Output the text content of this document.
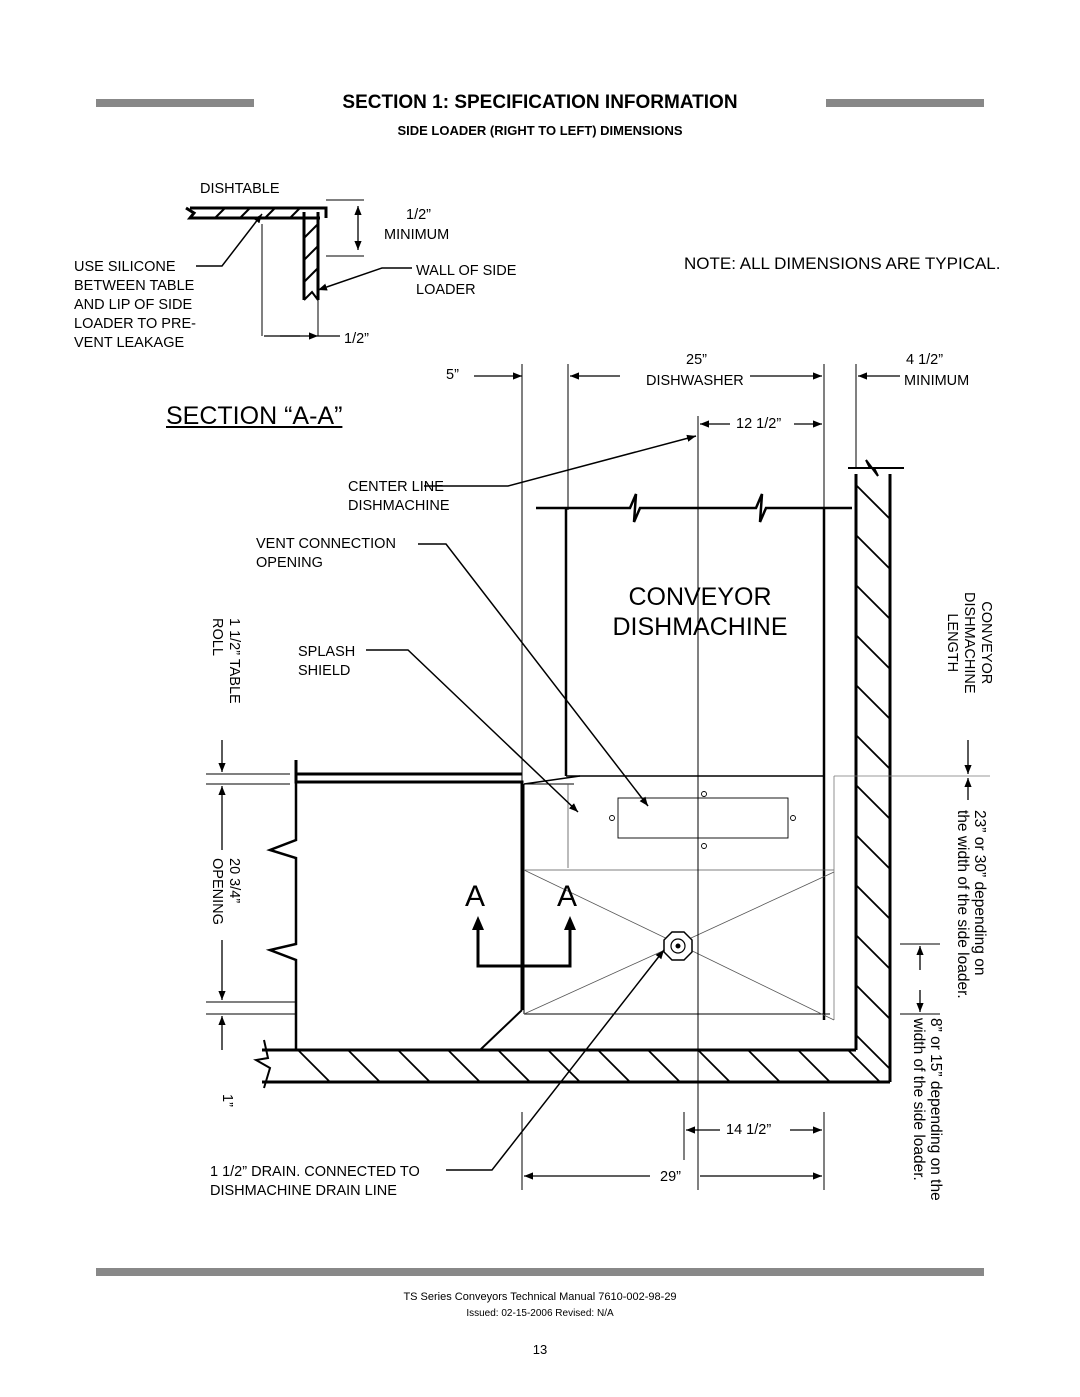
SECTION 1: SPECIFICATION INFORMATION
SIDE LOADER (RIGHT TO LEFT) DIMENSIONS
DISHTABLE
1/2”
MINIMUM
USE SILICONE
BETWEEN TABLE
AND LIP OF SIDE
LOADER TO PRE-
VENT LEAKAGE
WALL OF SIDE
LOADER
1/2”
NOTE: ALL DIMENSIONS ARE TYPICAL.
SECTION “A-A”
5”
25”
DISHWASHER
4 1/2”
MINIMUM
12 1/2”
CENTER LINE
DISHMACHINE
VENT CONNECTION
OPENING
CONVEYOR
DISHMACHINE
SPLASH
SHIELD
1 1/2” TABLE
ROLL
20 3/4”
OPENING
1”
CONVEYOR
DISHMACHINE
LENGTH
23” or 30” depending on
the width of the side loader.
8” or 15” depending on the
width of the side loader.
A A
14 1/2”
1 1/2” DRAIN. CONNECTED TO
DISHMACHINE DRAIN LINE
29”
TS Series Conveyors Technical Manual 7610-002-98-29
Issued: 02-15-2006 Revised: N/A
13
